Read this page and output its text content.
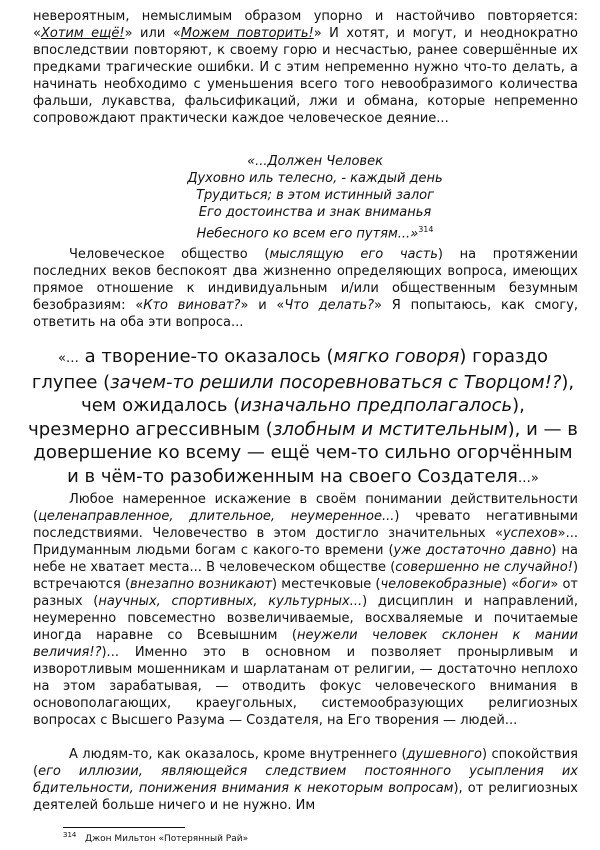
невероятным, немыслимым образом упорно и настойчиво повторяется: «Хотим ещё!» или «Можем повторить!» И хотят, и могут, и неоднократно впоследствии повторяют, к своему горю и несчастью, ранее совершённые их предками трагические ошибки. И с этим непременно нужно что-то делать, а начинать необходимо с уменьшения всего того невообразимого количества фальши, лукавства, фальсификаций, лжи и обмана, которые непременно сопровождают практически каждое человеческое деяние...

«...Должен Человек
Духовно иль телесно, - каждый день
Трудиться; в этом истинный залог
Его достоинства и знак вниманья
Небесного ко всем его путям...»$^{314}$

Человеческое общество (мыслящую его часть) на протяжении последних веков беспокоят два жизненно определяющих вопроса, имеющих прямое отношение к индивидуальным и/или общественным безумным безобразиям: «Кто виноват?» и «Что делать?» Я попытаюсь, как смогу, ответить на оба эти вопроса...

«… а творение-то оказалось (мягко говоря) гораздо глупее (зачем-то решили посоревноваться с Творцом!?), чем ожидалось (изначально предполагалось), чрезмерно агрессивным (злобным и мстительным), и — в довершение ко всему — ещё чем-то сильно огорчённым и в чём-то разобиженным на своего Создателя…»

Любое намеренное искажение в своём понимании действительности (целенаправленное, длительное, неумеренное...) чревато негативными последствиями. Человечество в этом достигло значительных «успехов»... Придуманным людьми богам с какого-то времени (уже достаточно давно) на небе не хватает места... В человеческом обществе (совершенно не случайно!) встречаются (внезапно возникают) местечковые (человекобразные) «боги» от разных (научных, спортивных, культурных...) дисциплин и направлений, неумеренно повсеместно возвеличиваемые, восхваляемые и почитаемые иногда наравне со Всевышним (неужели человек склонен к мании величия!?)... Именно это в основном и позволяет пронырливым и изворотливым мошенникам и шарлатанам от религии, — достаточно неплохо на этом зарабатывая, — отводить фокус человеческого внимания в основополагающих, краеугольных, системообразующих религиозных вопросах с Высшего Разума — Создателя, на Его творения — людей...

А людям-то, как оказалось, кроме внутреннего (душевного) спокойствия (его иллюзии, являющейся следствием постоянного усыпления их бдительности, понижения внимания к некоторым вопросам), от религиозных деятелей больше ничего и не нужно. Им

$^{314}$ Джон Мильтон «Потерянный Рай»
